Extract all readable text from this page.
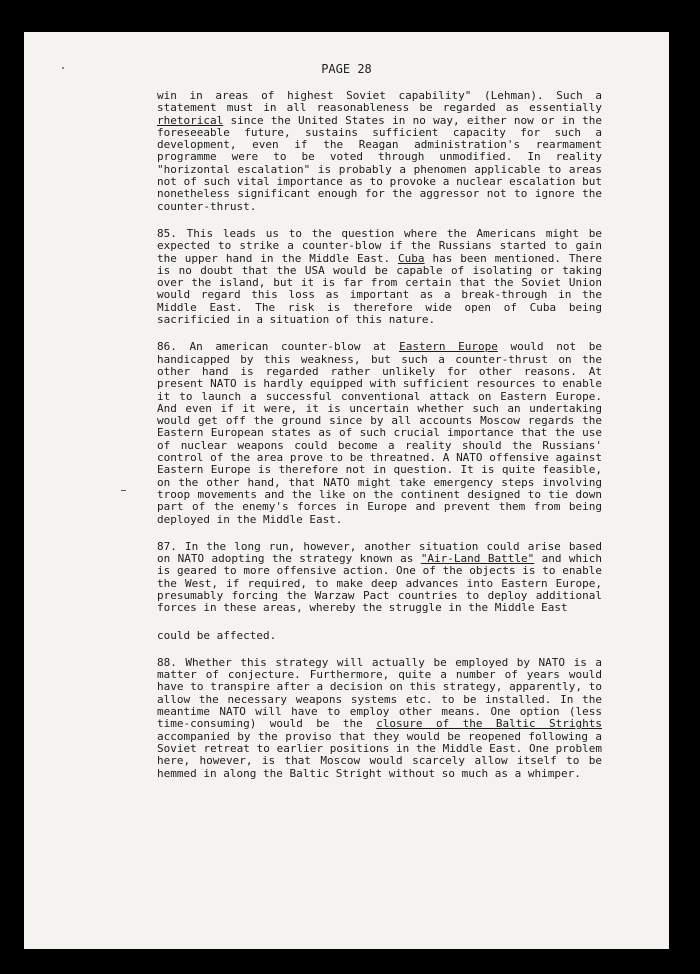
PAGE 28

win in areas of highest Soviet capability" (Lehman). Such a statement must in all reasonableness be regarded as essentially rhetorical since the United States in no way, either now or in the foreseeable future, sustains sufficient capacity for such a development, even if the Reagan administration's rearmament programme were to be voted through unmodified. In reality "horizontal escalation" is probably a phenomen applicable to areas not of such vital importance as to provoke a nuclear escalation but nonetheless significant enough for the aggressor not to ignore the counter-thrust.

85. This leads us to the question where the Americans might be expected to strike a counter-blow if the Russians started to gain the upper hand in the Middle East. Cuba has been mentioned. There is no doubt that the USA would be capable of isolating or taking over the island, but it is far from certain that the Soviet Union would regard this loss as important as a break-through in the Middle East. The risk is therefore wide open of Cuba being sacrificied in a situation of this nature.

86. An american counter-blow at Eastern Europe would not be handicapped by this weakness, but such a counter-thrust on the other hand is regarded rather unlikely for other reasons. At present NATO is hardly equipped with sufficient resources to enable it to launch a successful conventional attack on Eastern Europe. And even if it were, it is uncertain whether such an undertaking would get off the ground since by all accounts Moscow regards the Eastern European states as of such crucial importance that the use of nuclear weapons could become a reality should the Russians' control of the area prove to be threatned. A NATO offensive against Eastern Europe is therefore not in question. It is quite feasible, on the other hand, that NATO might take emergency steps involving troop movements and the like on the continent designed to tie down part of the enemy's forces in Europe and prevent them from being deployed in the Middle East.

87. In the long run, however, another situation could arise based on NATO adopting the strategy known as "Air-Land Battle" and which is geared to more offensive action. One of the objects is to enable the West, if required, to make deep advances into Eastern Europe, presumably forcing the Warzaw Pact countries to deploy additional forces in these areas, whereby the struggle in the Middle East

could be affected.

88. Whether this strategy will actually be employed by NATO is a matter of conjecture. Furthermore, quite a number of years would have to transpire after a decision on this strategy, apparently, to allow the necessary weapons systems etc. to be installed. In the meantime NATO will have to employ other means. One option (less time-consuming) would be the closure of the Baltic Strights accompanied by the proviso that they would be reopened following a Soviet retreat to earlier positions in the Middle East. One problem here, however, is that Moscow would scarcely allow itself to be hemmed in along the Baltic Stright without so much as a whimper.
